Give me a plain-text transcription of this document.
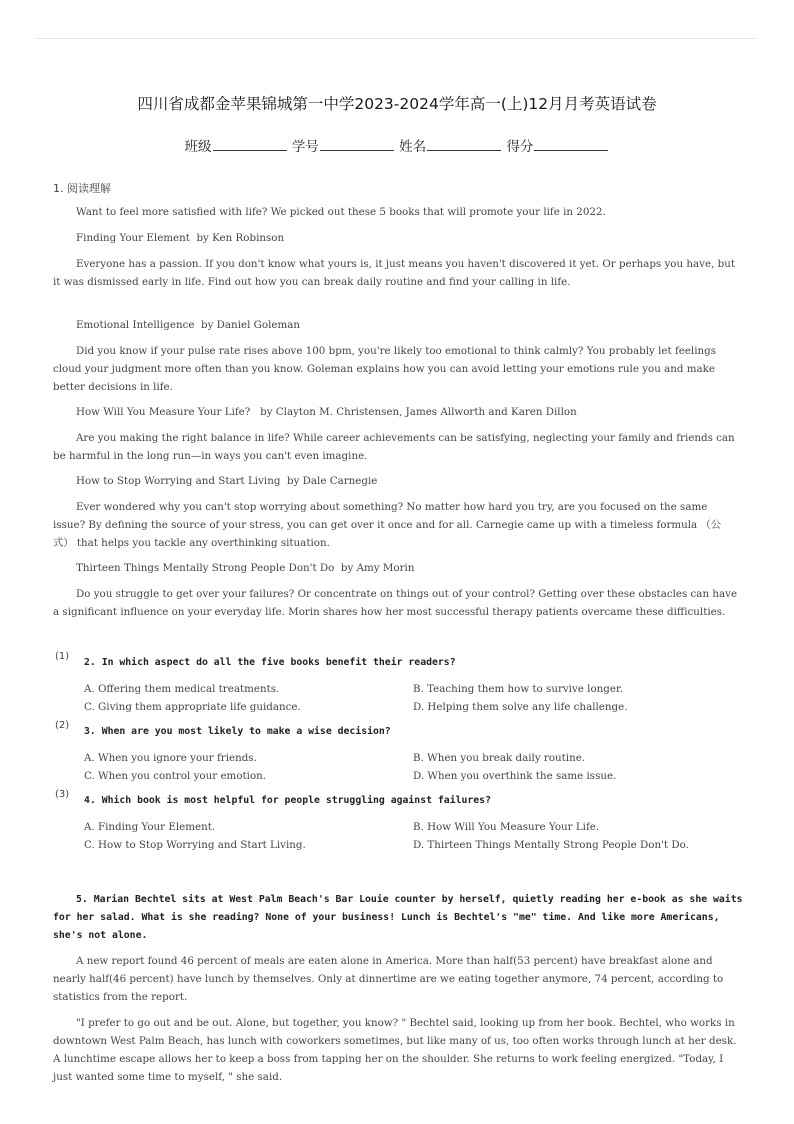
四川省成都金苹果锦城第一中学2023-2024学年高一(上)12月月考英语试卷
班级	学号	姓名	得分
1. 阅读理解

Want to feel more satisfied with life? We picked out these 5 books that will promote your life in 2022.

Finding Your Element  by Ken Robinson

Everyone has a passion. If you don't know what yours is, it just means you haven't discovered it yet. Or perhaps you have, but it was dismissed early in life. Find out how you can break daily routine and find your calling in life.

Emotional Intelligence  by Daniel Goleman

Did you know if your pulse rate rises above 100 bpm, you're likely too emotional to think calmly? You probably let feelings cloud your judgment more often than you know. Goleman explains how you can avoid letting your emotions rule you and make better decisions in life.

How Will You Measure Your Life?   by Clayton M. Christensen, James Allworth and Karen Dillon

Are you making the right balance in life? While career achievements can be satisfying, neglecting your family and friends can be harmful in the long run—in ways you can't even imagine.

How to Stop Worrying and Start Living  by Dale Carnegie

Ever wondered why you can't stop worrying about something? No matter how hard you try, are you focused on the same issue? By defining the source of your stress, you can get over it once and for all. Carnegie came up with a timeless formula （公式） that helps you tackle any overthinking situation.

Thirteen Things Mentally Strong People Don't Do  by Amy Morin

Do you struggle to get over your failures? Or concentrate on things out of your control? Getting over these obstacles can have a significant influence on your everyday life. Morin shares how her most successful therapy patients overcame these difficulties.

(1)
2. In which aspect do all the five books benefit their readers?
A. Offering them medical treatments.	B. Teaching them how to survive longer.
C. Giving them appropriate life guidance.	D. Helping them solve any life challenge.
(2)
3. When are you most likely to make a wise decision?
A. When you ignore your friends.	B. When you break daily routine.
C. When you control your emotion.	D. When you overthink the same issue.
(3)
4. Which book is most helpful for people struggling against failures?
A. Finding Your Element.	B. How Will You Measure Your Life.
C. How to Stop Worrying and Start Living.	D. Thirteen Things Mentally Strong People Don't Do.

5. Marian Bechtel sits at West Palm Beach's Bar Louie counter by herself, quietly reading her e-book as she waits for her salad. What is she reading? None of your business! Lunch is Bechtel's "me" time. And like more Americans, she's not alone.

A new report found 46 percent of meals are eaten alone in America. More than half(53 percent) have breakfast alone and nearly half(46 percent) have lunch by themselves. Only at dinnertime are we eating together anymore, 74 percent, according to statistics from the report.

"I prefer to go out and be out. Alone, but together, you know? " Bechtel said, looking up from her book. Bechtel, who works in downtown West Palm Beach, has lunch with coworkers sometimes, but like many of us, too often works through lunch at her desk. A lunchtime escape allows her to keep a boss from tapping her on the shoulder. She returns to work feeling energized. "Today, I just wanted some time to myself, " she said.
